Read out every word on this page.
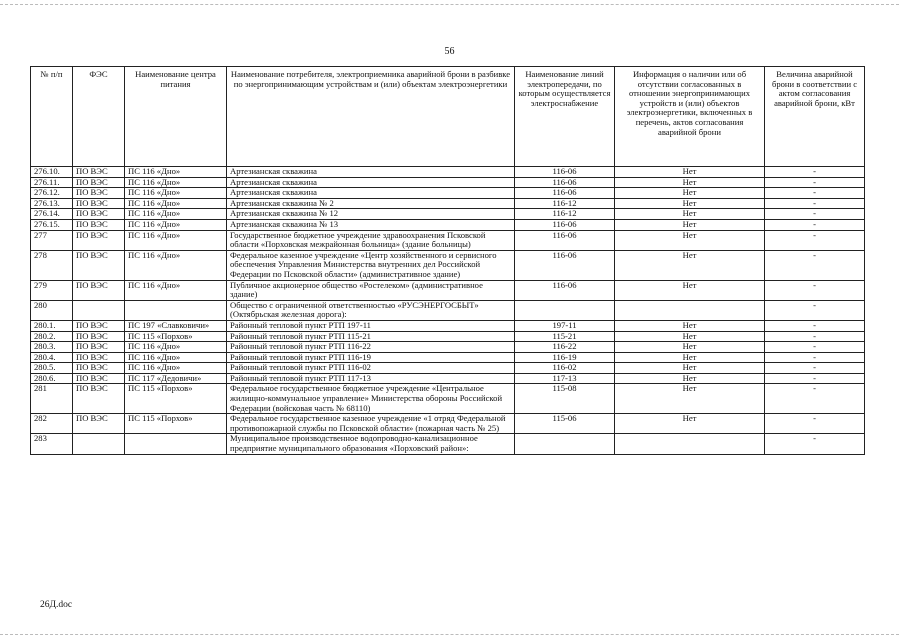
56
№ п/п	ФЭС	Наименование центра питания	Наименование потребителя, электроприемника аварийной брони в разбивке по энергопринимающим устройствам и (или) объектам электроэнергетики	Наименование линий электропередачи, по которым осуществляется электроснабжение	Информация о наличии или об отсутствии согласованных в отношении энергопринимающих устройств и (или) объектов электроэнергетики, включенных в перечень, актов согласования аварийной брони	Величина аварийной брони в соответствии с актом согласования аварийной брони, кВт
276.10.	ПО ВЭС	ПС 116 «Дно»	Артезианская скважина	116-06	Нет	-
276.11.	ПО ВЭС	ПС 116 «Дно»	Артезианская скважина	116-06	Нет	-
276.12.	ПО ВЭС	ПС 116 «Дно»	Артезианская скважина	116-06	Нет	-
276.13.	ПО ВЭС	ПС 116 «Дно»	Артезианская скважина № 2	116-12	Нет	-
276.14.	ПО ВЭС	ПС 116 «Дно»	Артезианская скважина № 12	116-12	Нет	-
276.15.	ПО ВЭС	ПС 116 «Дно»	Артезианская скважина № 13	116-06	Нет	-
277	ПО ВЭС	ПС 116 «Дно»	Государственное бюджетное учреждение здравоохранения Псковской области «Порховская межрайонная больница» (здание больницы)	116-06	Нет	-
278	ПО ВЭС	ПС 116 «Дно»	Федеральное казенное учреждение «Центр хозяйственного и сервисного обеспечения Управления Министерства внутренних дел Российской Федерации по Псковской области» (административное здание)	116-06	Нет	-
279	ПО ВЭС	ПС 116 «Дно»	Публичное акционерное общество «Ростелеком» (административное здание)	116-06	Нет	-
280			Общество с ограниченной ответственностью «РУСЭНЕРГОСБЫТ» (Октябрьская железная дорога):			-
280.1.	ПО ВЭС	ПС 197 «Славковичи»	Районный тепловой пункт РТП 197-11	197-11	Нет	-
280.2.	ПО ВЭС	ПС 115 «Порхов»	Районный тепловой пункт РТП 115-21	115-21	Нет	-
280.3.	ПО ВЭС	ПС 116 «Дно»	Районный тепловой пункт РТП 116-22	116-22	Нет	-
280.4.	ПО ВЭС	ПС 116 «Дно»	Районный тепловой пункт РТП 116-19	116-19	Нет	-
280.5.	ПО ВЭС	ПС 116 «Дно»	Районный тепловой пункт РТП 116-02	116-02	Нет	-
280.6.	ПО ВЭС	ПС 117 «Дедовичи»	Районный тепловой пункт РТП 117-13	117-13	Нет	-
281	ПО ВЭС	ПС 115 «Порхов»	Федеральное государственное бюджетное учреждение «Центральное жилищно-коммунальное управление» Министерства обороны Российской Федерации (войсковая часть № 68110)	115-08	Нет	-
282	ПО ВЭС	ПС 115 «Порхов»	Федеральное государственное казенное учреждение «1 отряд Федеральной противопожарной службы по Псковской области» (пожарная часть № 25)	115-06	Нет	-
283			Муниципальное производственное водопроводно-канализационное предприятие муниципального образования «Порховский район»:			-
26Д.doc
